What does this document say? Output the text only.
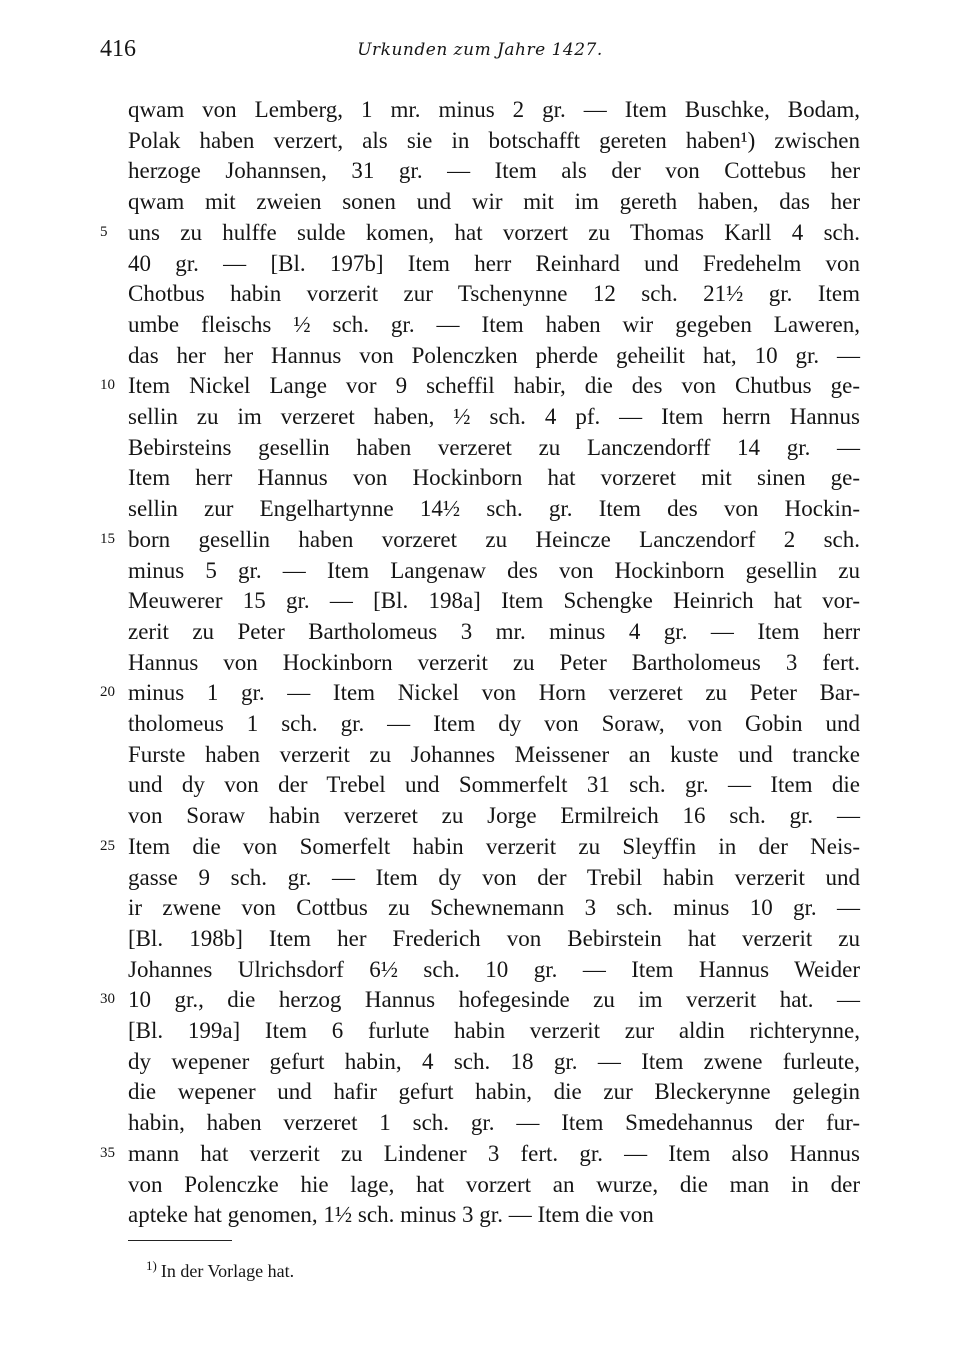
416	Urkunden zum Jahre 1427.
qwam von Lemberg, 1 mr. minus 2 gr. — Item Buschke, Bodam,
Polak haben verzert, als sie in botschafft gereten haben¹) zwischen
herzoge Johannsen, 31 gr. — Item als der von Cottebus her
qwam mit zweien sonen und wir mit im gereth haben, das her
5 uns zu hulffe sulde komen, hat vorzert zu Thomas Karll 4 sch.
40 gr. — [Bl. 197b] Item herr Reinhard und Fredehelm von
Chotbus habin vorzerit zur Tschenynne 12 sch. 21½ gr. Item
umbe fleischs ½ sch. gr. — Item haben wir gegeben Laweren,
das her her Hannus von Polenczken pherde geheilit hat, 10 gr. —
10 Item Nickel Lange vor 9 scheffil habir, die des von Chutbus ge-
sellin zu im verzeret haben, ½ sch. 4 pf. — Item herrn Hannus
Bebirsteins gesellin haben verzeret zu Lanczendorff 14 gr. —
Item herr Hannus von Hockinborn hat vorzeret mit sinen ge-
sellin zur Engelhartynne 14½ sch. gr. Item des von Hockin-
15 born gesellin haben vorzeret zu Heincze Lanczendorf 2 sch.
minus 5 gr. — Item Langenaw des von Hockinborn gesellin zu
Meuwerer 15 gr. — [Bl. 198a] Item Schengke Heinrich hat vor-
zerit zu Peter Bartholomeus 3 mr. minus 4 gr. — Item herr
Hannus von Hockinborn verzerit zu Peter Bartholomeus 3 fert.
20 minus 1 gr. — Item Nickel von Horn verzeret zu Peter Bar-
tholomeus 1 sch. gr. — Item dy von Soraw, von Gobin und
Furste haben verzerit zu Johannes Meissener an kuste und trancke
und dy von der Trebel und Sommerfelt 31 sch. gr. — Item die
von Soraw habin verzeret zu Jorge Ermilreich 16 sch. gr. —
25 Item die von Somerfelt habin verzerit zu Sleyffin in der Neis-
gasse 9 sch. gr. — Item dy von der Trebil habin verzerit und
ir zwene von Cottbus zu Schewnemann 3 sch. minus 10 gr. —
[Bl. 198b] Item her Frederich von Bebirstein hat verzerit zu
Johannes Ulrichsdorf 6½ sch. 10 gr. — Item Hannus Weider
30 10 gr., die herzog Hannus hofegesinde zu im verzerit hat. —
[Bl. 199a] Item 6 furlute habin verzerit zur aldin richterynne,
dy wepener gefurt habin, 4 sch. 18 gr. — Item zwene furleute,
die wepener und hafir gefurt habin, die zur Bleckerynne gelegin
habin, haben verzeret 1 sch. gr. — Item Smedehannus der fur-
35 mann hat verzerit zu Lindener 3 fert. gr. — Item also Hannus
von Polenczke hie lage, hat vorzert an wurze, die man in der
apteke hat genomen, 1½ sch. minus 3 gr. — Item die von
$^{1)}$ In der Vorlage hat.
